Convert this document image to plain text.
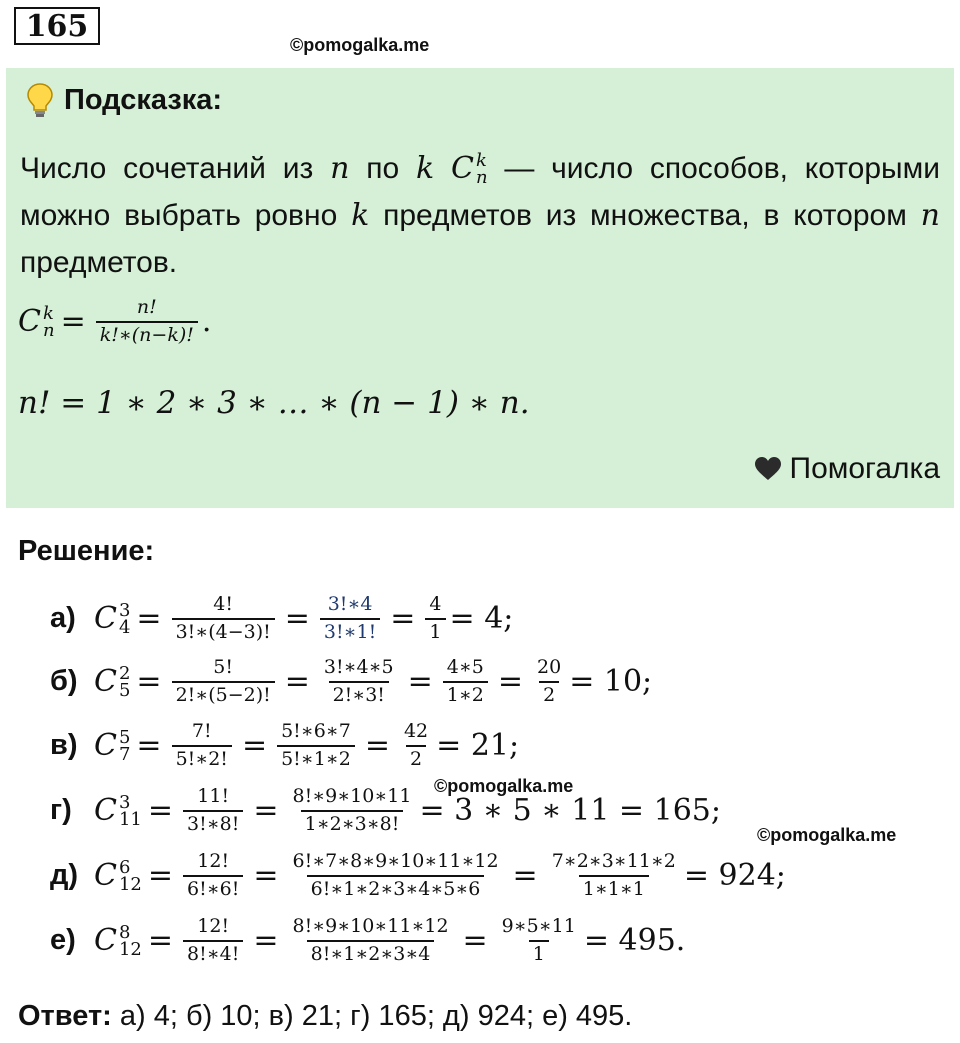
165
©pomogalka.me
Подсказка:
Число сочетаний из n по k C k
n — число способов, которыми можно выбрать ровно k предметов из множества, в котором n предметов.
C k
$n = \frac{n!}{k!∗(n-k)!}$ .
n! = 1 ∗ 2 ∗ 3 ∗ … ∗ (n − 1) ∗ n.
Помогалка
Решение:
а) C 3
$4 = \frac{4!}{3!∗(4-3)!} = \frac{3!∗4}{3!∗1!} = \frac{4}{1} = 4$;
б) C 2
$5 = \frac{5!}{2!∗(5-2)!} = \frac{3!∗4∗5}{2!∗3!} = \frac{4∗5}{1∗2} = \frac{20}{2} = 10$;
в) C 5
$7 = \frac{7!}{5!∗2!} = \frac{5!∗6∗7}{5!∗1∗2} = \frac{42}{2} = 21$;
©pomogalka.me
г) C 3
$11 = \frac{11!}{3!∗8!} = \frac{8!∗9∗10∗11}{1∗2∗3∗8!} = 3$ ∗ 5 ∗ 11 = 165;
©pomogalka.me
д) C 6
$12 = \frac{12!}{6!∗6!} = \frac{6!∗7∗8∗9∗10∗11∗12}{6!∗1∗2∗3∗4∗5∗6} = \frac{7∗2∗3∗11∗2}{1∗1∗1} = 924$;
е) C 8
$12 = \frac{12!}{8!∗4!} = \frac{8!∗9∗10∗11∗12}{8!∗1∗2∗3∗4} = \frac{9∗5∗11}{1} = 495$.
Ответ: а) 4; б) 10; в) 21; г) 165; д) 924; е) 495.
